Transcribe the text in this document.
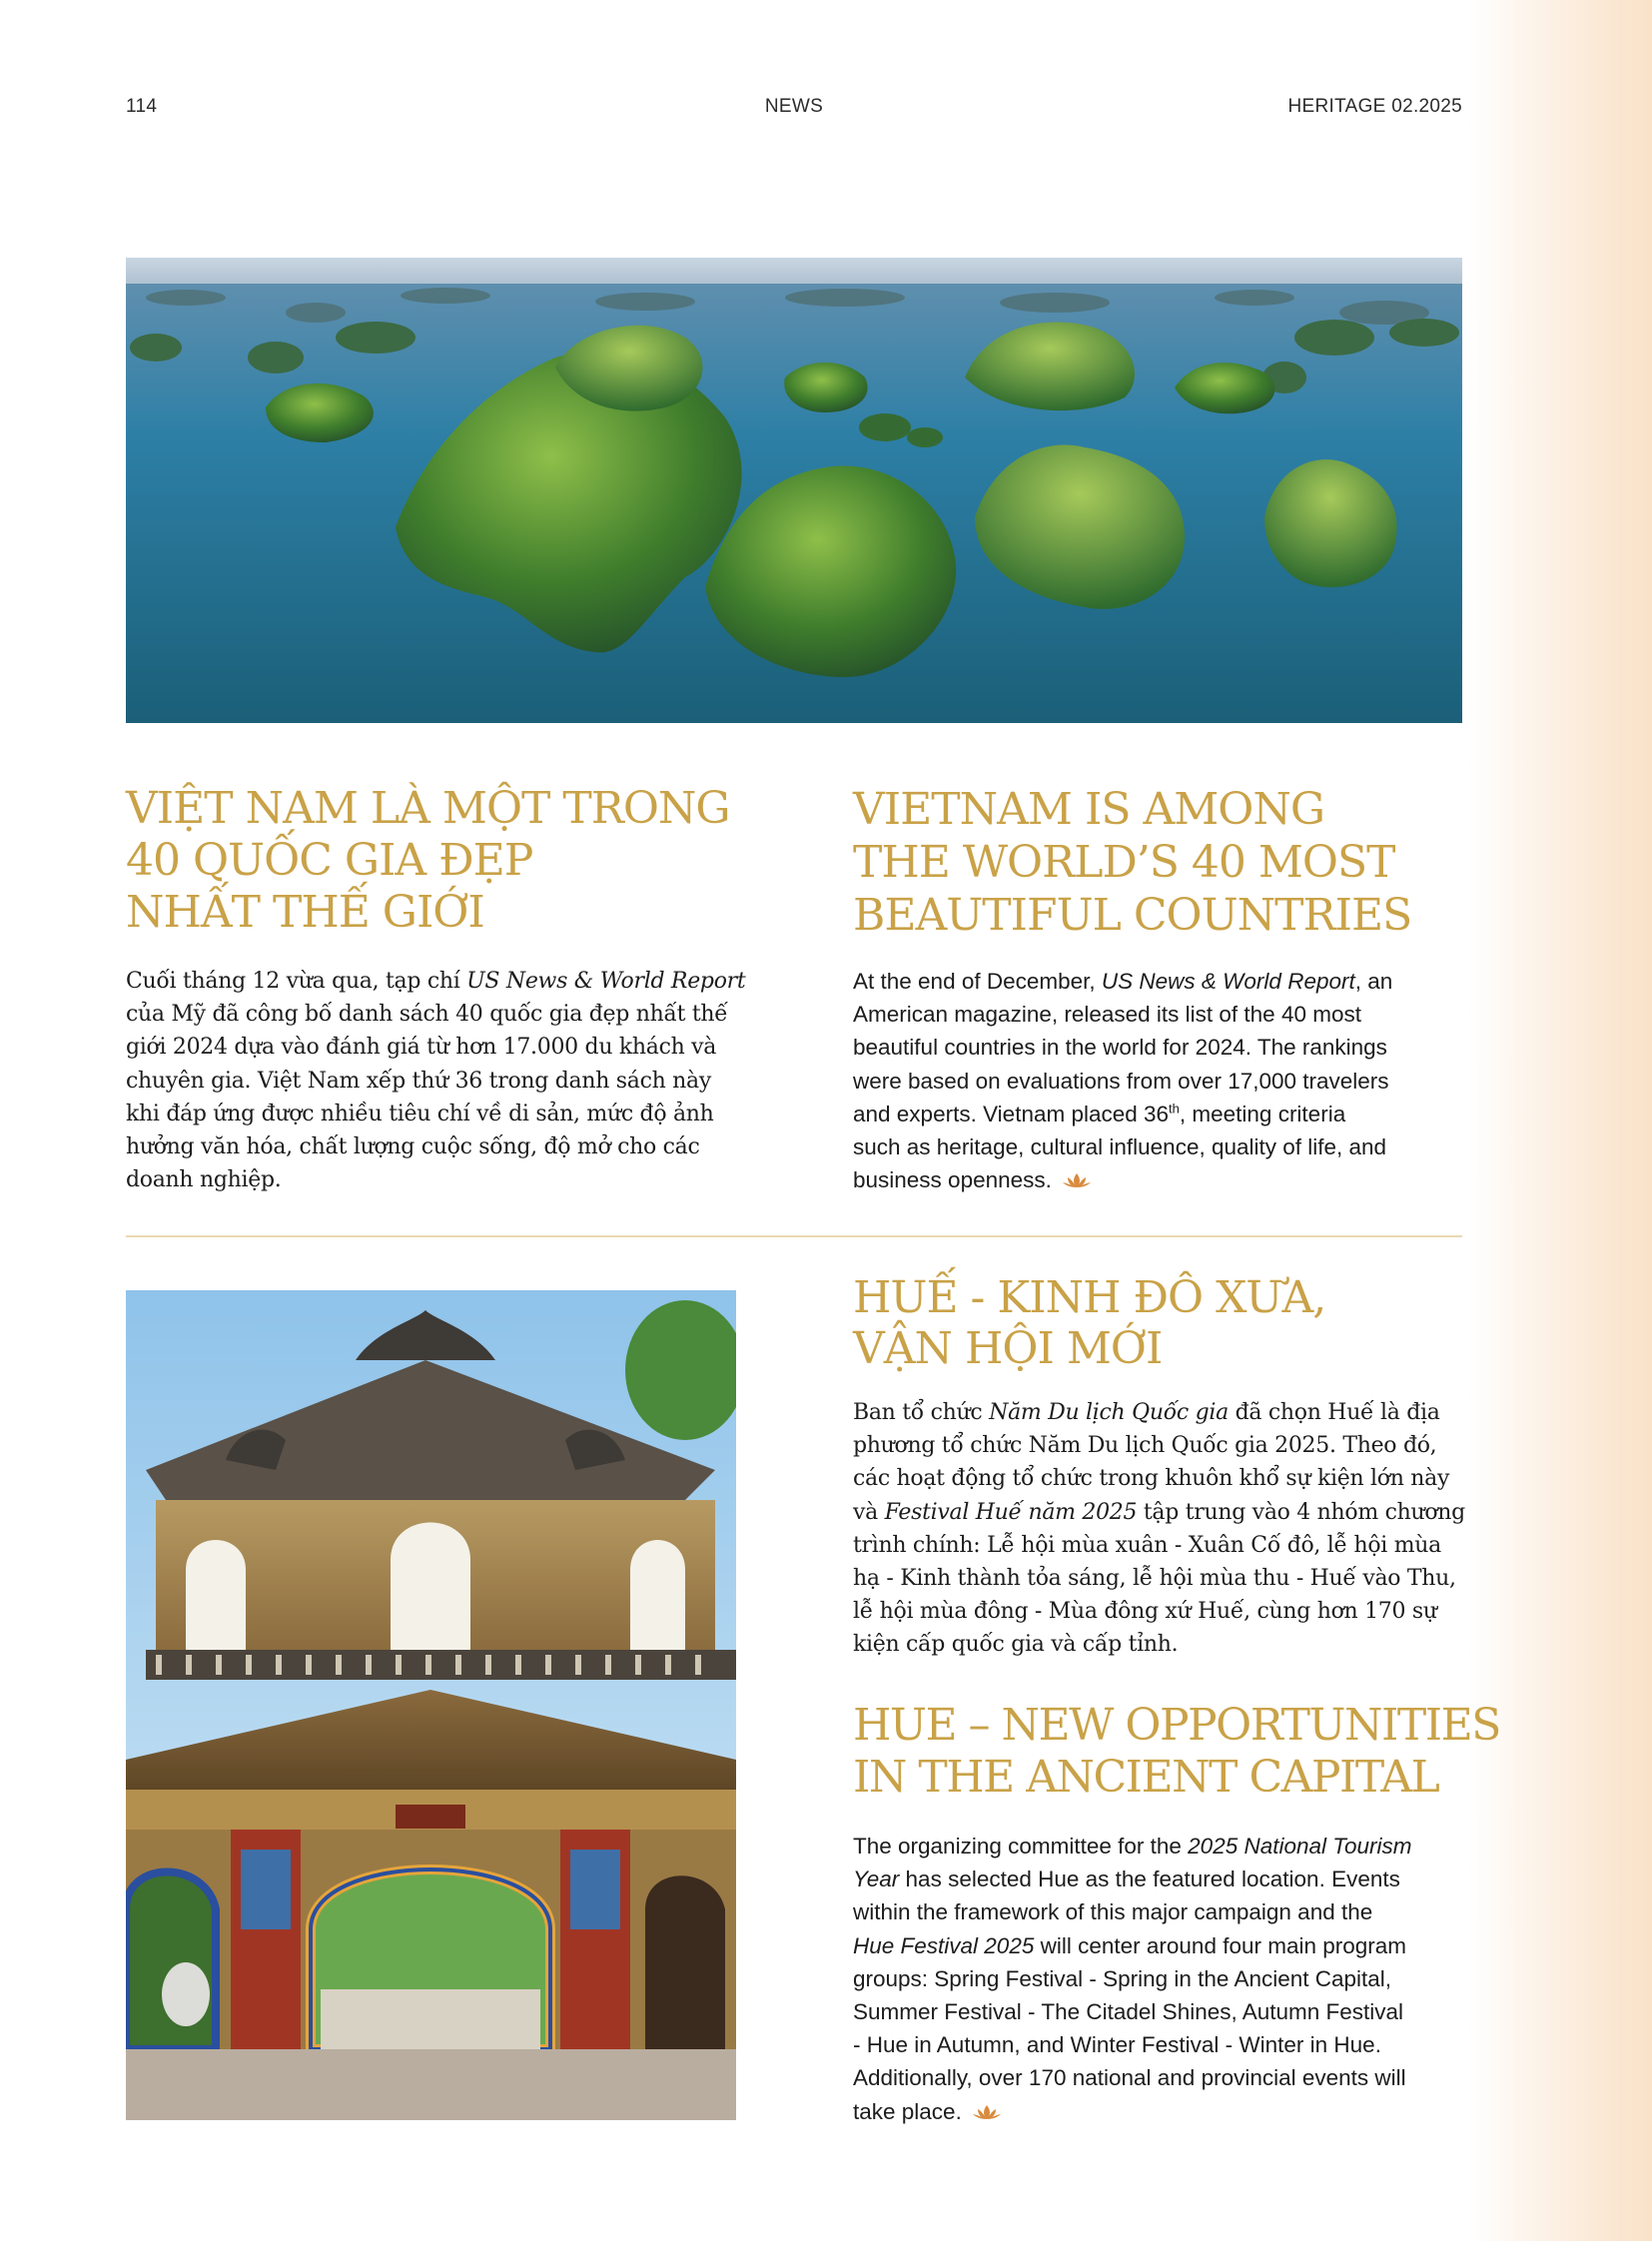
114	NEWS	HERITAGE 02.2025
VIỆT NAM LÀ MỘT TRONG
40 QUỐC GIA ĐẸP
NHẤT THẾ GIỚI
VIETNAM IS AMONG
THE WORLD’S 40 MOST
BEAUTIFUL COUNTRIES
Cuối tháng 12 vừa qua, tạp chí US News & World Report
của Mỹ đã công bố danh sách 40 quốc gia đẹp nhất thế
giới 2024 dựa vào đánh giá từ hơn 17.000 du khách và
chuyên gia. Việt Nam xếp thứ 36 trong danh sách này
khi đáp ứng được nhiều tiêu chí về di sản, mức độ ảnh
hưởng văn hóa, chất lượng cuộc sống, độ mở cho các
doanh nghiệp.
At the end of December, US News & World Report, an
American magazine, released its list of the 40 most
beautiful countries in the world for 2024. The rankings
were based on evaluations from over 17,000 travelers
and experts. Vietnam placed 36th, meeting criteria
such as heritage, cultural influence, quality of life, and
business openness.
HUẾ - KINH ĐÔ XƯA,
VẬN HỘI MỚI
Ban tổ chức Năm Du lịch Quốc gia đã chọn Huế là địa
phương tổ chức Năm Du lịch Quốc gia 2025. Theo đó,
các hoạt động tổ chức trong khuôn khổ sự kiện lớn này
và Festival Huế năm 2025 tập trung vào 4 nhóm chương
trình chính: Lễ hội mùa xuân - Xuân Cố đô, lễ hội mùa
hạ - Kinh thành tỏa sáng, lễ hội mùa thu - Huế vào Thu,
lễ hội mùa đông - Mùa đông xứ Huế, cùng hơn 170 sự
kiện cấp quốc gia và cấp tỉnh.
HUE – NEW OPPORTUNITIES
IN THE ANCIENT CAPITAL
The organizing committee for the 2025 National Tourism
Year has selected Hue as the featured location. Events
within the framework of this major campaign and the
Hue Festival 2025 will center around four main program
groups: Spring Festival - Spring in the Ancient Capital,
Summer Festival - The Citadel Shines, Autumn Festival
- Hue in Autumn, and Winter Festival - Winter in Hue.
Additionally, over 170 national and provincial events will
take place.
